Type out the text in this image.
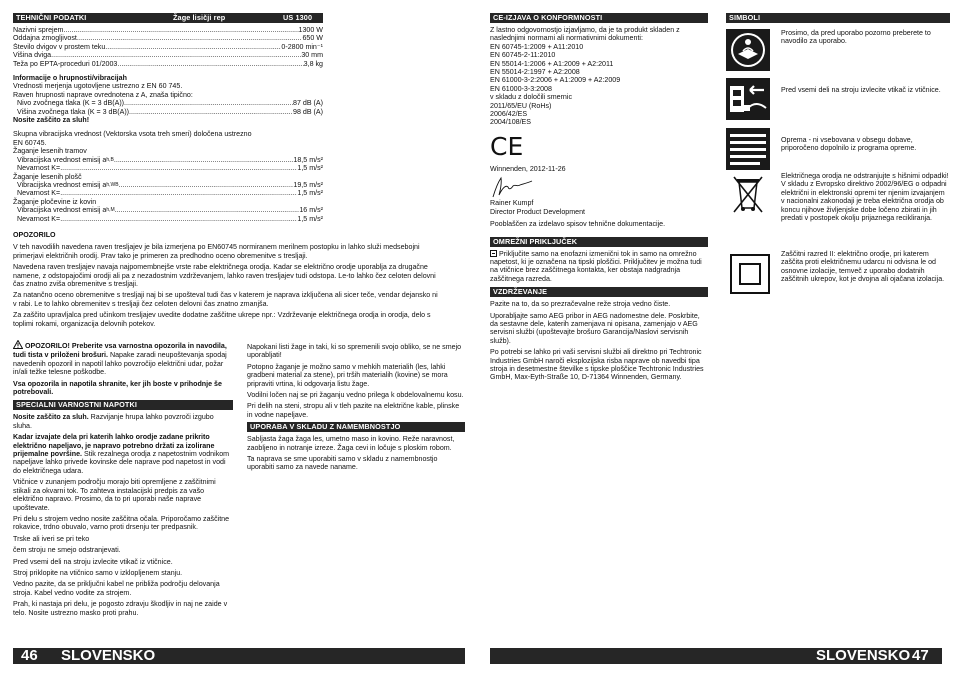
TEHNIČNI PODATKI	Žage lisičji rep	US 1300 XE
Nazivni sprejem .....	1300 W
Oddajna zmogljivost .....	650 W
Število dvigov v prostem teku .....	0-2800 min⁻¹
Višina dviga .....	30 mm
Teža po EPTA-proceduri 01/2003 .....	3,8 kg
Informacije o hrupnosti/vibracijah
Vrednosti merjenja ugotovljene ustrezno z EN 60 745.
Raven hrupnosti naprave ovrednotena z A, znaša tipično:
Nivo zvočnega tlaka (K = 3 dB(A)) .....	87 dB (A)
Višina zvočnega tlaka (K = 3 dB(A)) .....	98 dB (A)
Nosite zaščito za sluh!
Skupna vibracijska vrednost (Vektorska vsota treh smeri) določena ustrezno EN 60745.
Žaganje lesenih tramov
Vibracijska vrednost emisij a h,B .....	18,5 m/s²
Nevarnost K= .....	1,5 m/s²
Žaganje lesenih plošč
Vibracijska vrednost emisij a h,WB .....	19,5 m/s²
Nevarnost K= .....	1,5 m/s²
Žaganje pločevine iz kovin
Vibracijska vrednost emisij a h,M .....	16 m/s²
Nevarnost K= .....	1,5 m/s²
OPOZORILO

V teh navodilih navedena raven tresljajev je bila izmerjena po EN60745 normiranem merilnem postopku in lahko služi medsebojni primerjavi električnih orodij. Prav tako je primeren za predhodno oceno obremenitve s tresljaji.

Navedena raven tresljajev navaja najpomembnejše vrste rabe električnega orodja. Kadar se električno orodje uporablja za drugačne namene, z odstopajočimi orodji ali pa z nezadostnim vzdrževanjem, lahko raven tresljajev tudi odstopa. Le-to lahko čez celoten delovni čas znatno zviša obremenitve s tresljaji.

Za natančno oceno obremenitve s tresljaji naj bi se upošteval tudi čas v katerem je naprava izključena ali sicer teče, vendar dejansko ni v rabi. Le to lahko obremenitev s tresljaji čez celoten delovni čas znatno zmanjša.

Za zaščito upravljalca pred učinkom tresljajev uvedite dodatne zaščitne ukrepe npr.: Vzdrževanje električnega orodja in orodja, delo s toplimi rokami, organizacija delovnih potekov.

OPOZORILO! Preberite vsa varnostna opozorila in navodila, tudi tista v priloženi brošuri. Napake zaradi neupoštevanja spodaj navedenih opozoril in napotil lahko povzročijo električni udar, požar in/ali težke telesne poškodbe.

Vsa opozorila in napotila shranite, ker jih boste v prihodnje še potrebovali.

SPECIALNI VARNOSTNI NAPOTKI

Nosite zaščito za sluh. Razvijanje hrupa lahko povzroči izgubo sluha.

Kadar izvajate dela pri katerih lahko orodje zadane prikrito električno napeljavo, je napravo potrebno držati za izolirane prijemalne površine. Stik rezalnega orodja z napetostnim vodnikom napeljave lahko privede kovinske dele naprave pod napetost in vodi do električnega udara.

Vtičnice v zunanjem področju morajo biti opremljene z zaščitnimi stikali za okvarni tok. To zahteva instalacijski predpis za vašo električno napravo. Prosimo, da to pri uporabi naše naprave upoštevate.

Pri delu s strojem vedno nosite zaščitna očala. Priporočamo zaščitne rokavice, trdno obuvalo, varno proti drsenju ter predpasnik.

Trske ali iveri se pri teko

čem stroju ne smejo odstranjevati.

Pred vsemi deli na stroju izvlecite vtikač iz vtičnice.

Stroj priklopite na vtičnico samo v izklopljenem stanju.

Vedno pazite, da se priključni kabel ne približa področju delovanja stroja. Kabel vedno vodite za strojem.

Prah, ki nastaja pri delu, je pogosto zdravju škodljiv in naj ne zaide v telo. Nosite ustrezno masko proti prahu.

Napokani listi žage in taki, ki so spremenili svojo obliko, se ne smejo uporabljati!

Potopno žaganje je možno samo v mehkih materialih (les, lahki gradbeni material za stene), pri trših materialih (kovine) se mora pripraviti vrtina, ki odgovarja listu žage.

Vodilni ločen naj se pri žaganju vedno prilega k obdelovalnemu kosu.

Pri delih na steni, stropu ali v tleh pazite na električne kable, plinske in vodne napeljave.

UPORABA V SKLADU Z NAMEMBNOSTJO

Sabljasta žaga žaga les, umetno maso in kovino. Reže naravnost, zaobljeno in notranje izreze. Žaga cevi in ločuje s ploskim robom.

Ta naprava se sme uporabiti samo v skladu z namembnostjo uporabiti samo za navede naname.

46 SLOVENSKO
CE-IZJAVA O KONFORMNOSTI
Z lastno odgovornostjo izjavljamo, da je ta produkt skladen z naslednjimi normami ali normativnimi dokumenti:
EN 60745-1:2009 + A11:2010
EN 60745-2-11:2010
EN 55014-1:2006 + A1:2009 + A2:2011
EN 55014-2:1997 + A2:2008
EN 61000-3-2:2006 + A1:2009 + A2:2009
EN 61000-3-3:2008
v skladu z določili smernic
2011/65/EU (RoHs)
2006/42/ES
2004/108/ES
CE
Winnenden, 2012-11-26
Rainer Kumpf
Director Product Development
Pooblaščen za izdelavo spisov tehnične dokumentacije.
OMREŽNI PRIKLJUČEK

Priključite samo na enofazni izmenični tok in samo na omrežno napetost, ki je označena na tipski ploščici. Priključitev je možna tudi na vtičnice brez zaščitnega kontakta, ker obstaja nadgradnja zaščitnega razreda.

VZDRŽEVANJE

Pazite na to, da so prezračevalne reže stroja vedno čiste.

Uporabljajte samo AEG pribor in AEG nadomestne dele. Poskrbite, da sestavne dele, katerih zamenjava ni opisana, zamenjajo v AEG servisni službi (upoštevajte brošuro Garancija/Naslovi servisnih služb).

Po potrebi se lahko pri vaši servisni službi ali direktno pri Techtronic Industries GmbH naroči eksplozijska risba naprave ob navedbi tipa stroja in desetmestne številke s tipske ploščice Techtronic Industries GmbH, Max-Eyth-Straße 10, D-71364 Winnenden, Germany.

SIMBOLI
SLOVENSKO 47
Prosimo, da pred uporabo pozorno preberete to navodilo za uporabo.
Pred vsemi deli na stroju izvlecite vtikač iz vtičnice.
Oprema - ni vsebovana v obsegu dobave, priporočeno dopolnilo iz programa opreme.
Električnega orodja ne odstranjujte s hišnimi odpadki! V skladu z Evropsko direktivo 2002/96/EG o odpadni električni in elektronski opremi ter njenim izvajanjem v nacionalni zakonodaji je treba električna orodja ob koncu njihove življenjske dobe ločeno zbirati in jih predati v postopek okolju prijaznega recikliranja.
Zaščitni razred II: električno orodje, pri katerem zaščita proti električnemu udarcu ni odvisna le od osnovne izolacije, temveč z uporabo dodatnih zaščitnih ukrepov, kot je dvojna ali ojačana izolacija.
